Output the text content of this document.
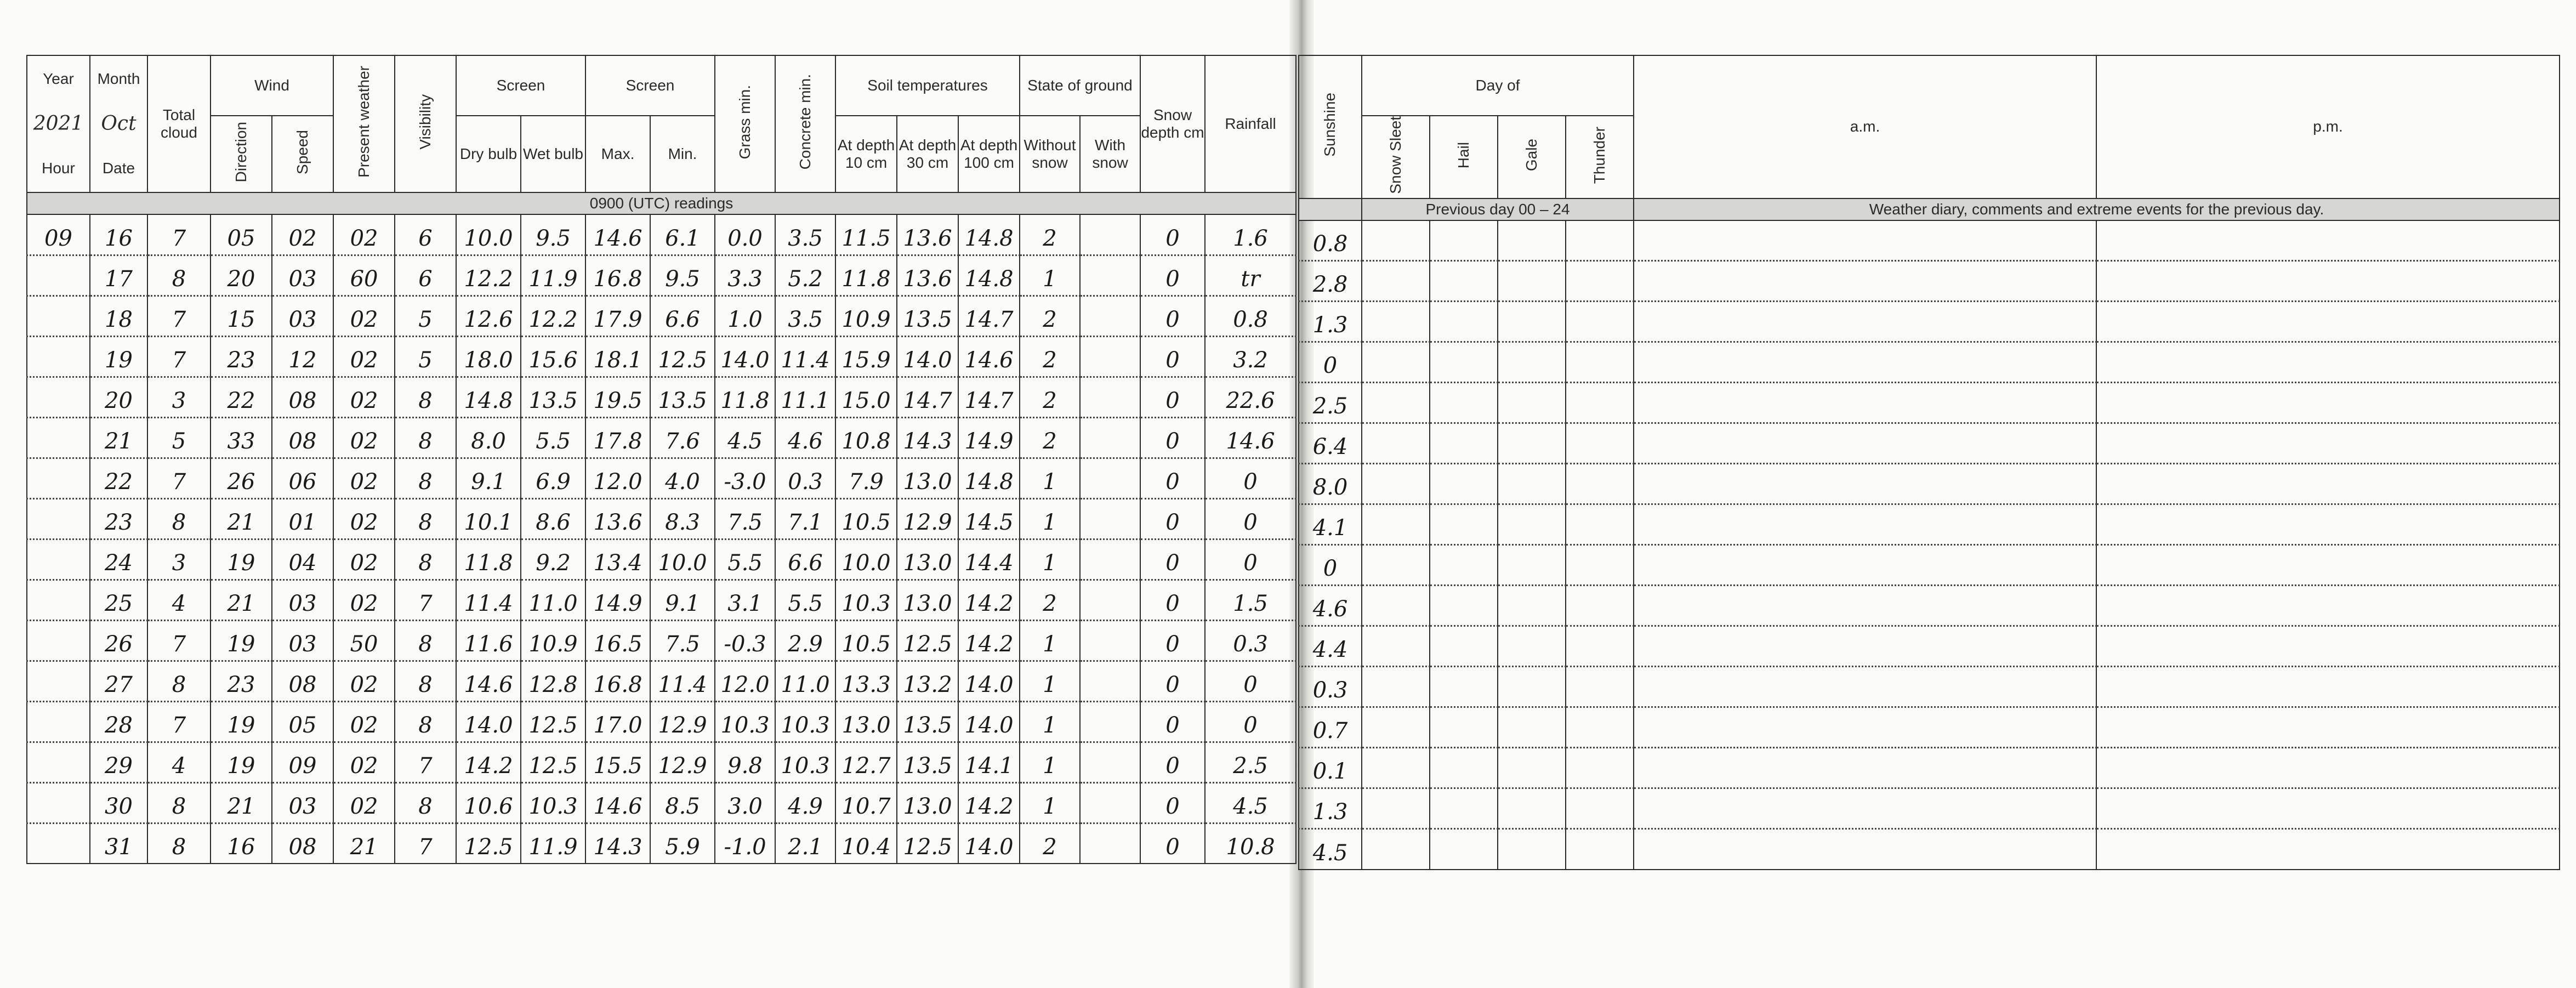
Year
2021
Hour	Month
Oct
Date	Total cloud	Wind		Present weather	Visibility	Screen		Screen		Grass min.	Concrete min.	Soil temperatures			State of ground		Snow depth cm	Rainfall
			Direction	Speed			Dry bulb	Wet bulb	Max.	Min.			At depth 10 cm	At depth 30 cm	At depth 100 cm	Without snow	With snow		
0900 (UTC) readings																			
09	16	7	05	02	02	6	10.0	9.5	14.6	6.1	0.0	3.5	11.5	13.6	14.8	2		0	1.6
	17	8	20	03	60	6	12.2	11.9	16.8	9.5	3.3	5.2	11.8	13.6	14.8	1		0	tr
	18	7	15	03	02	5	12.6	12.2	17.9	6.6	1.0	3.5	10.9	13.5	14.7	2		0	0.8
	19	7	23	12	02	5	18.0	15.6	18.1	12.5	14.0	11.4	15.9	14.0	14.6	2		0	3.2
	20	3	22	08	02	8	14.8	13.5	19.5	13.5	11.8	11.1	15.0	14.7	14.7	2		0	22.6
	21	5	33	08	02	8	8.0	5.5	17.8	7.6	4.5	4.6	10.8	14.3	14.9	2		0	14.6
	22	7	26	06	02	8	9.1	6.9	12.0	4.0	-3.0	0.3	7.9	13.0	14.8	1		0	0
	23	8	21	01	02	8	10.1	8.6	13.6	8.3	7.5	7.1	10.5	12.9	14.5	1		0	0
	24	3	19	04	02	8	11.8	9.2	13.4	10.0	5.5	6.6	10.0	13.0	14.4	1		0	0
	25	4	21	03	02	7	11.4	11.0	14.9	9.1	3.1	5.5	10.3	13.0	14.2	2		0	1.5
	26	7	19	03	50	8	11.6	10.9	16.5	7.5	-0.3	2.9	10.5	12.5	14.2	1		0	0.3
	27	8	23	08	02	8	14.6	12.8	16.8	11.4	12.0	11.0	13.3	13.2	14.0	1		0	0
	28	7	19	05	02	8	14.0	12.5	17.0	12.9	10.3	10.3	13.0	13.5	14.0	1		0	0
	29	4	19	09	02	7	14.2	12.5	15.5	12.9	9.8	10.3	12.7	13.5	14.1	1		0	2.5
	30	8	21	03	02	8	10.6	10.3	14.6	8.5	3.0	4.9	10.7	13.0	14.2	1		0	4.5
	31	8	16	08	21	7	12.5	11.9	14.3	5.9	-1.0	2.1	10.4	12.5	14.0	2		0	10.8
Sunshine	Day of				a.m.	p.m.
	Snow Sleet	Hail	Gale	Thunder		
	Previous day 00 – 24				Weather diary, comments and extreme events for the previous day.	
0.8						
2.8						
1.3						
0						
2.5						
6.4						
8.0						
4.1						
0						
4.6						
4.4						
0.3						
0.7						
0.1						
1.3						
4.5						
